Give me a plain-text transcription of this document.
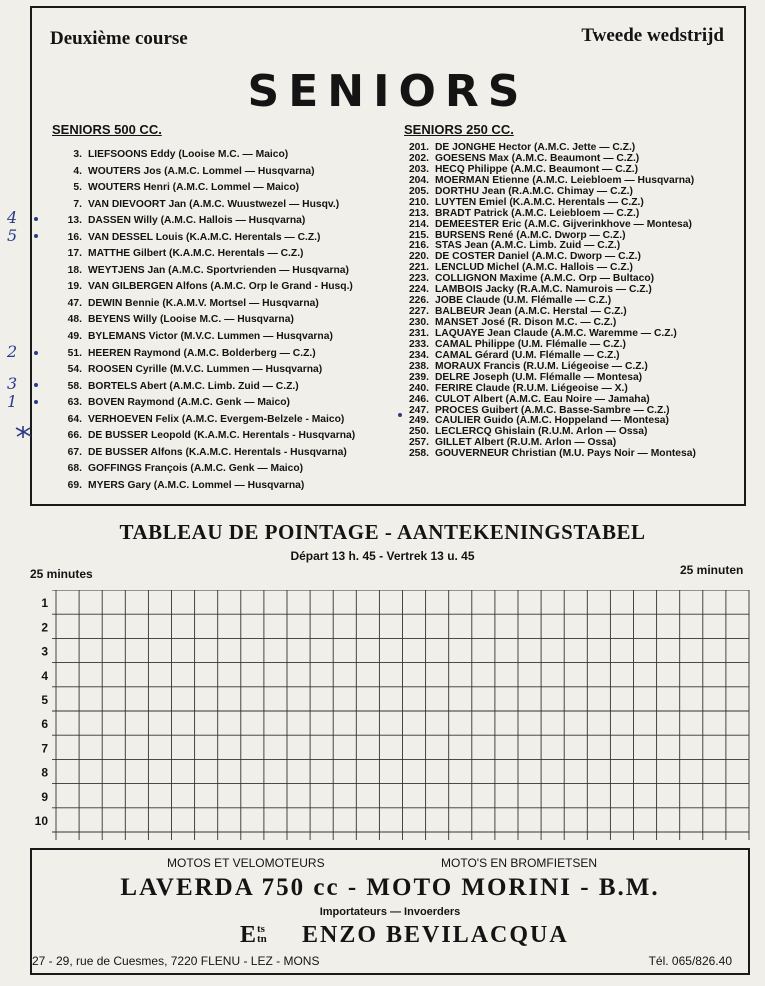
Deuxième course	Tweede wedstrijd
SENIORS
SENIORS 500 CC.
3. LIEFSOONS Eddy (Looise M.C. — Maico)
4. WOUTERS Jos (A.M.C. Lommel — Husqvarna)
5. WOUTERS Henri (A.M.C. Lommel — Maico)
7. VAN DIEVOORT Jan (A.M.C. Wuustwezel — Husqv.)
13. DASSEN Willy (A.M.C. Hallois — Husqvarna)
16. VAN DESSEL Louis (K.A.M.C. Herentals — C.Z.)
17. MATTHE Gilbert (K.A.M.C. Herentals — C.Z.)
18. WEYTJENS Jan (A.M.C. Sportvrienden — Husqvarna)
19. VAN GILBERGEN Alfons (A.M.C. Orp le Grand - Husq.)
47. DEWIN Bennie (K.A.M.V. Mortsel — Husqvarna)
48. BEYENS Willy (Looise M.C. — Husqvarna)
49. BYLEMANS Victor (M.V.C. Lummen — Husqvarna)
51. HEEREN Raymond (A.M.C. Bolderberg — C.Z.)
54. ROOSEN Cyrille (M.V.C. Lummen — Husqvarna)
58. BORTELS Abert (A.M.C. Limb. Zuid — C.Z.)
63. BOVEN Raymond (A.M.C. Genk — Maico)
64. VERHOEVEN Felix (A.M.C. Evergem-Belzele - Maico)
66. DE BUSSER Leopold (K.A.M.C. Herentals - Husqvarna)
67. DE BUSSER Alfons (K.A.M.C. Herentals - Husqvarna)
68. GOFFINGS François (A.M.C. Genk — Maico)
69. MYERS Gary (A.M.C. Lommel — Husqvarna)
SENIORS 250 CC.
201. DE JONGHE Hector (A.M.C. Jette — C.Z.)
202. GOESENS Max (A.M.C. Beaumont — C.Z.)
203. HECQ Philippe (A.M.C. Beaumont — C.Z.)
204. MOERMAN Etienne (A.M.C. Leiebloem — Husqvarna)
205. DORTHU Jean (R.A.M.C. Chimay — C.Z.)
210. LUYTEN Emiel (K.A.M.C. Herentals — C.Z.)
213. BRADT Patrick (A.M.C. Leiebloem — C.Z.)
214. DEMEESTER Eric (A.M.C. Gijverinkhove — Montesa)
215. BURSENS René (A.M.C. Dworp — C.Z.)
216. STAS Jean (A.M.C. Limb. Zuid — C.Z.)
220. DE COSTER Daniel (A.M.C. Dworp — C.Z.)
221. LENCLUD Michel (A.M.C. Hallois — C.Z.)
223. COLLIGNON Maxime (A.M.C. Orp — Bultaco)
224. LAMBOIS Jacky (R.A.M.C. Namurois — C.Z.)
226. JOBE Claude (U.M. Flémalle — C.Z.)
227. BALBEUR Jean (A.M.C. Herstal — C.Z.)
230. MANSET José (R. Dison M.C. — C.Z.)
231. LAQUAYE Jean Claude (A.M.C. Waremme — C.Z.)
233. CAMAL Philippe (U.M. Flémalle — C.Z.)
234. CAMAL Gérard (U.M. Flémalle — C.Z.)
238. MORAUX Francis (R.U.M. Liégeoise — C.Z.)
239. DELRE Joseph (U.M. Flémalle — Montesa)
240. FERIRE Claude (R.U.M. Liégeoise — X.)
246. CULOT Albert (A.M.C. Eau Noire — Jamaha)
247. PROCES Guibert (A.M.C. Basse-Sambre — C.Z.)
249. CAULIER Guido (A.M.C. Hoppeland — Montesa)
250. LECLERCQ Ghislain (R.U.M. Arlon — Ossa)
257. GILLET Albert (R.U.M. Arlon — Ossa)
258. GOUVERNEUR Christian (M.U. Pays Noir — Montesa)
4
5
2
3
1
TABLEAU DE POINTAGE - AANTEKENINGSTABEL
Départ 13 h. 45 - Vertrek 13 u. 45
25 minutes	25 minuten
1
2
3
4
5
6
7
8
9
10
MOTOS ET VELOMOTEURS	MOTO'S EN BROMFIETSEN
LAVERDA 750 cc - MOTO MORINI - B.M.
Importateurs — Invoerders
Ets
tn ENZO BEVILACQUA
27 - 29, rue de Cuesmes, 7220 FLENU - LEZ - MONS	Tél. 065/826.40
